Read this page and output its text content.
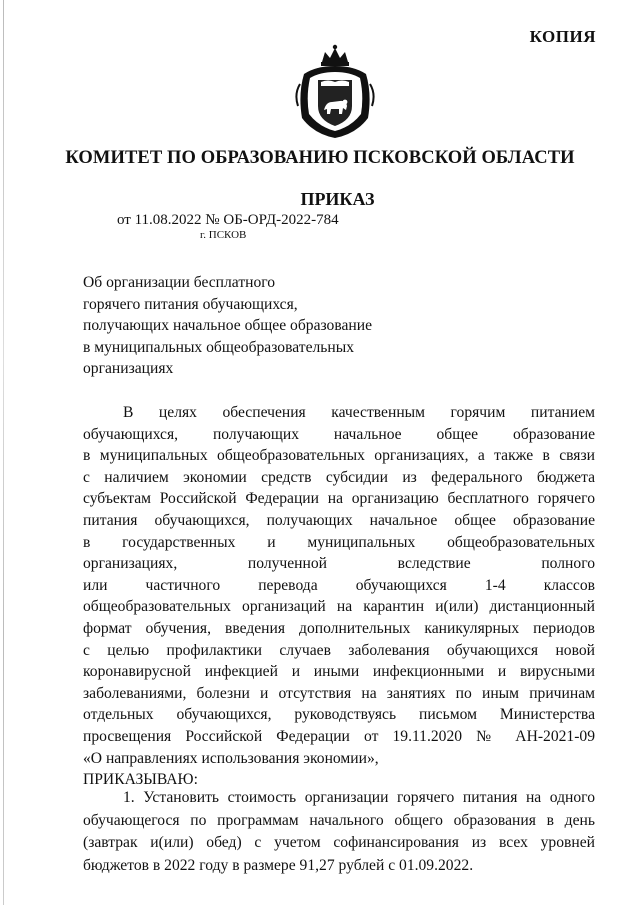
КОПИЯ
КОМИТЕТ ПО ОБРАЗОВАНИЮ ПСКОВСКОЙ ОБЛАСТИ
ПРИКАЗ
от 11.08.2022 № ОБ-ОРД-2022-784
г. ПСКОВ
Об организации бесплатного
горячего питания обучающихся,
получающих начальное общее образование
в муниципальных общеобразовательных
организациях
В целях обеспечения качественным горячим питанием
обучающихся, получающих начальное общее образование
в муниципальных общеобразовательных организациях, а также в связи
с наличием экономии средств субсидии из федерального бюджета
субъектам Российской Федерации на организацию бесплатного горячего
питания обучающихся, получающих начальное общее образование
в государственных и муниципальных общеобразовательных
организациях, полученной вследствие полного
или частичного перевода обучающихся 1-4 классов
общеобразовательных организаций на карантин и(или) дистанционный
формат обучения, введения дополнительных каникулярных периодов
с целью профилактики случаев заболевания обучающихся новой
коронавирусной инфекцией и иными инфекционными и вирусными
заболеваниями, болезни и отсутствия на занятиях по иным причинам
отдельных обучающихся, руководствуясь письмом Министерства
просвещения Российской Федерации от 19.11.2020 № АН-2021-09
«О направлениях использования экономии»,
ПРИКАЗЫВАЮ:
1. Установить стоимость организации горячего питания на одного
обучающегося по программам начального общего образования в день
(завтрак и(или) обед) с учетом софинансирования из всех уровней
бюджетов в 2022 году в размере 91,27 рублей с 01.09.2022.
